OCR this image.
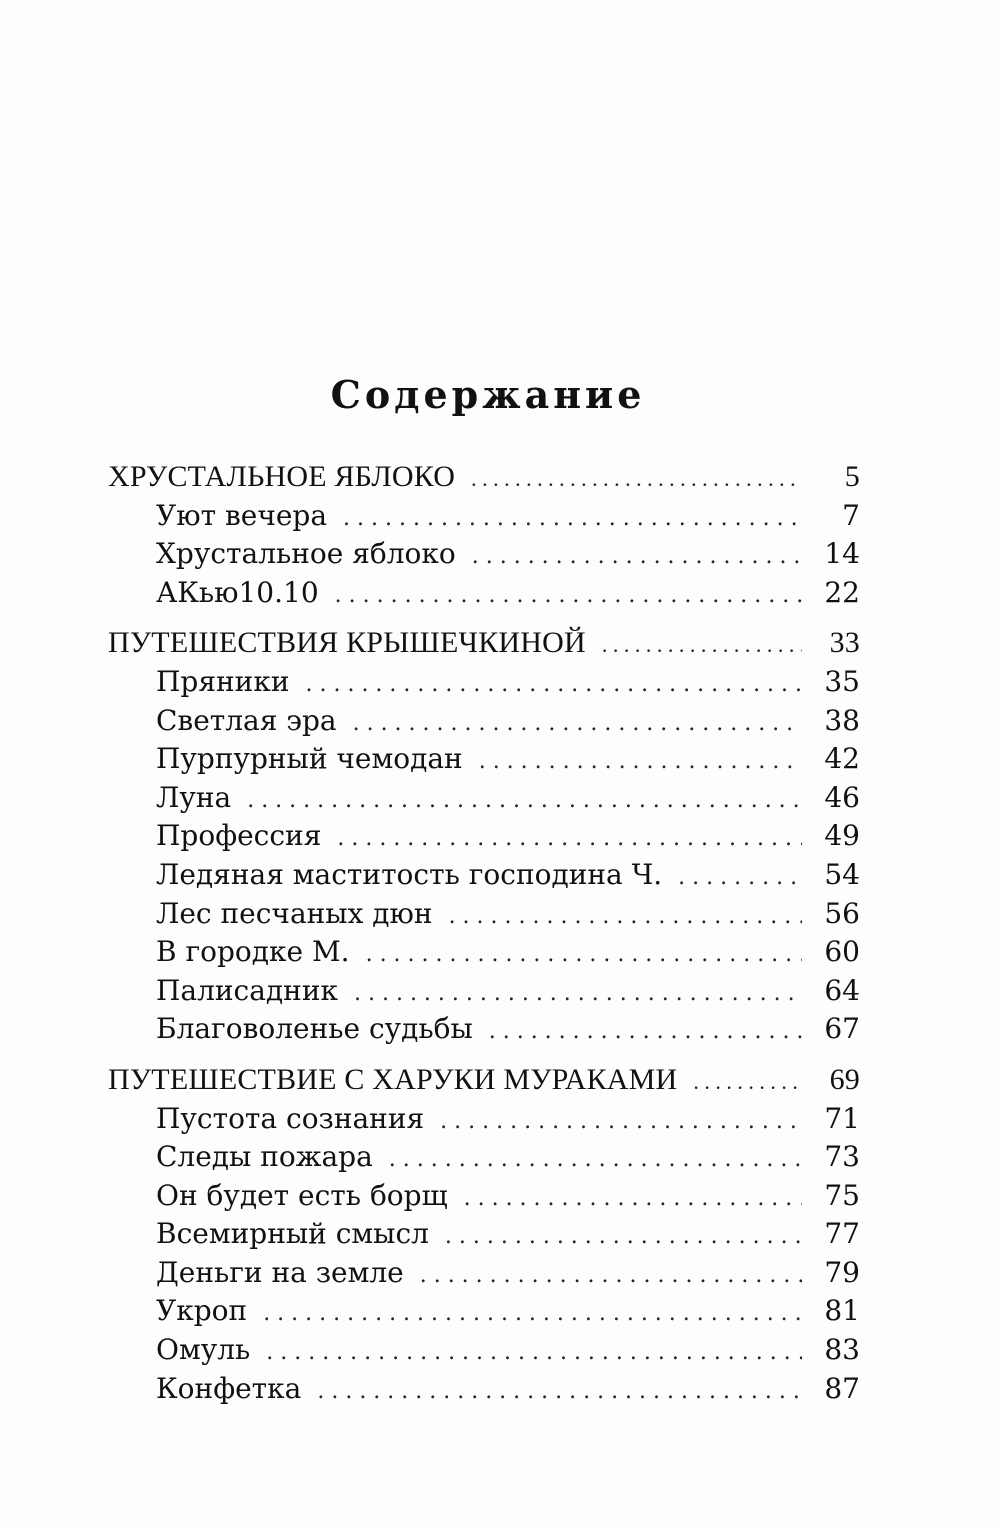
Содержание
ХРУСТАЛЬНОЕ ЯБЛОКО . . .	5
Уют вечера . . .	7
Хрустальное яблоко . . .	14
АКью10.10 . . .	22
ПУТЕШЕСТВИЯ КРЫШЕЧКИНОЙ . . .	33
Пряники . . .	35
Светлая эра . . .	38
Пурпурный чемодан . . .	42
Луна . . .	46
Профессия . . .	49
Ледяная маститость господина Ч. . . .	54
Лес песчаных дюн . . .	56
В городке М. . . .	60
Палисадник . . .	64
Благоволенье судьбы . . .	67
ПУТЕШЕСТВИЕ С ХАРУКИ МУРАКАМИ . . .	69
Пустота сознания . . .	71
Следы пожара . . .	73
Он будет есть борщ . . .	75
Всемирный смысл . . .	77
Деньги на земле . . .	79
Укроп . . .	81
Омуль . . .	83
Конфетка . . .	87
